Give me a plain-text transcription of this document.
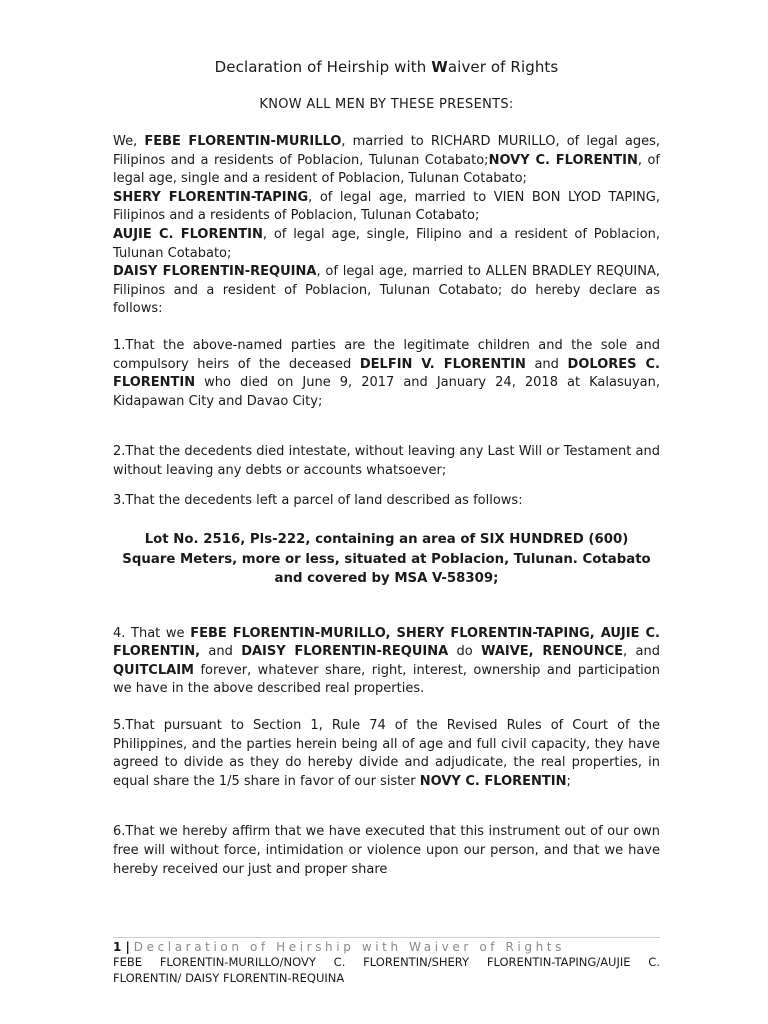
Declaration of Heirship with Waiver of Rights
KNOW ALL MEN BY THESE PRESENTS:

We, FEBE FLORENTIN-MURILLO, married to RICHARD MURILLO, of legal ages, Filipinos and a residents of Poblacion, Tulunan Cotabato;NOVY C. FLORENTIN, of legal age, single and a resident of Poblacion, Tulunan Cotabato;
SHERY FLORENTIN-TAPING, of legal age, married to VIEN BON LYOD TAPING, Filipinos and a residents of Poblacion, Tulunan Cotabato;
AUJIE C. FLORENTIN, of legal age, single, Filipino and a resident of Poblacion, Tulunan Cotabato;
DAISY FLORENTIN-REQUINA, of legal age, married to ALLEN BRADLEY REQUINA, Filipinos and a resident of Poblacion, Tulunan Cotabato; do hereby declare as follows:

1.That the above-named parties are the legitimate children and the sole and compulsory heirs of the deceased DELFIN V. FLORENTIN and DOLORES C. FLORENTIN who died on June 9, 2017 and January 24, 2018 at Kalasuyan, Kidapawan City and Davao City;

2.That the decedents died intestate, without leaving any Last Will or Testament and without leaving any debts or accounts whatsoever;

3.That the decedents left a parcel of land described as follows:

Lot No. 2516, Pls-222, containing an area of SIX HUNDRED (600) Square Meters, more or less, situated at Poblacion, Tulunan. Cotabato and covered by MSA V-58309;

4. That we FEBE FLORENTIN-MURILLO, SHERY FLORENTIN-TAPING, AUJIE C. FLORENTIN, and DAISY FLORENTIN-REQUINA do WAIVE, RENOUNCE, and QUITCLAIM forever, whatever share, right, interest, ownership and participation we have in the above described real properties.

5.That pursuant to Section 1, Rule 74 of the Revised Rules of Court of the Philippines, and the parties herein being all of age and full civil capacity, they have agreed to divide as they do hereby divide and adjudicate, the real properties, in equal share the 1/5 share in favor of our sister NOVY C. FLORENTIN;

6.That we hereby affirm that we have executed that this instrument out of our own free will without force, intimidation or violence upon our person, and that we have hereby received our just and proper share

1 | Declaration of Heirship with Waiver of Rights
FEBE FLORENTIN-MURILLO/NOVY C. FLORENTIN/SHERY FLORENTIN-TAPING/AUJIE C. FLORENTIN/ DAISY FLORENTIN-REQUINA
